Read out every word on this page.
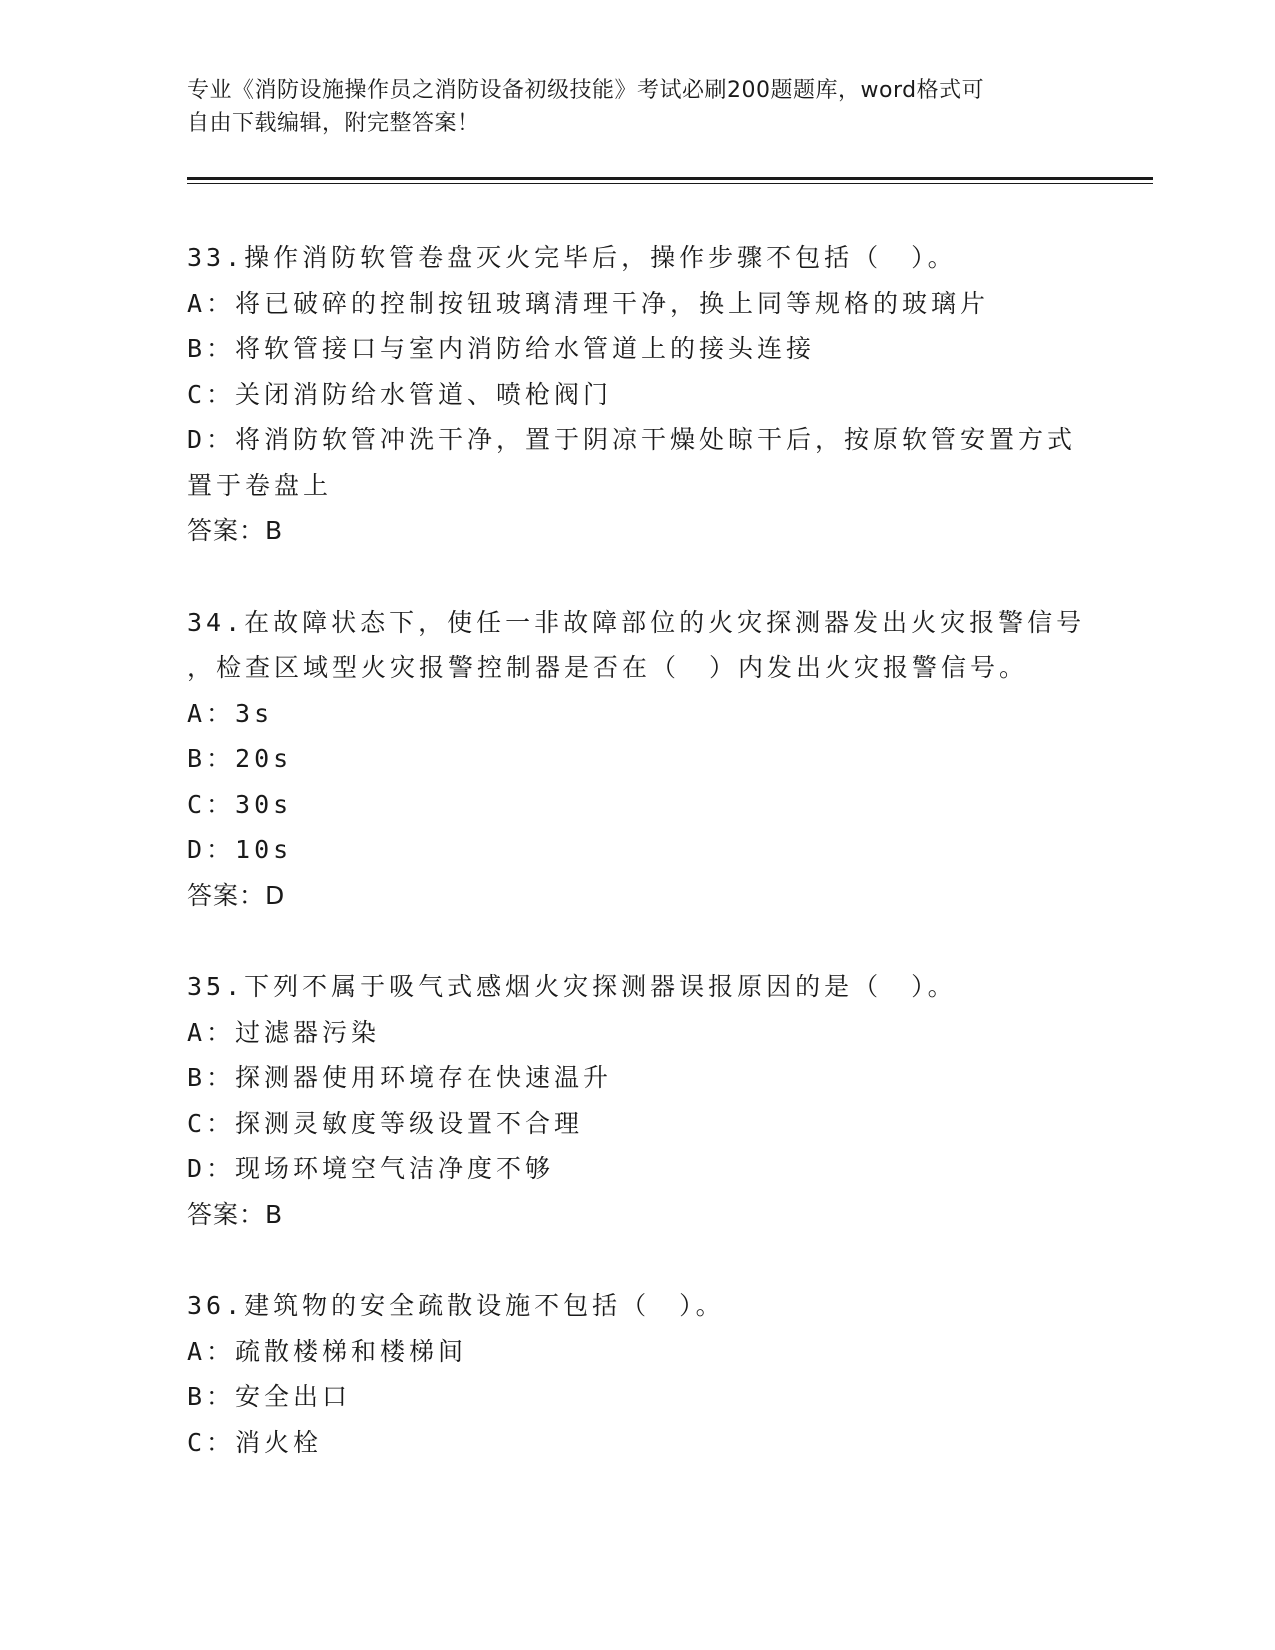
专业《消防设施操作员之消防设备初级技能》考试必刷200题题库，word格式可
自由下载编辑，附完整答案！
33.操作消防软管卷盘灭火完毕后，操作步骤不包括（　）。
A：将已破碎的控制按钮玻璃清理干净，换上同等规格的玻璃片
B：将软管接口与室内消防给水管道上的接头连接
C：关闭消防给水管道、喷枪阀门
D：将消防软管冲洗干净，置于阴凉干燥处晾干后，按原软管安置方式
置于卷盘上
答案：B
34.在故障状态下，使任一非故障部位的火灾探测器发出火灾报警信号
，检查区域型火灾报警控制器是否在（　）内发出火灾报警信号。
A：3s
B：20s
C：30s
D：10s
答案：D
35.下列不属于吸气式感烟火灾探测器误报原因的是（　）。
A：过滤器污染
B：探测器使用环境存在快速温升
C：探测灵敏度等级设置不合理
D：现场环境空气洁净度不够
答案：B
36.建筑物的安全疏散设施不包括（　）。
A：疏散楼梯和楼梯间
B：安全出口
C：消火栓
